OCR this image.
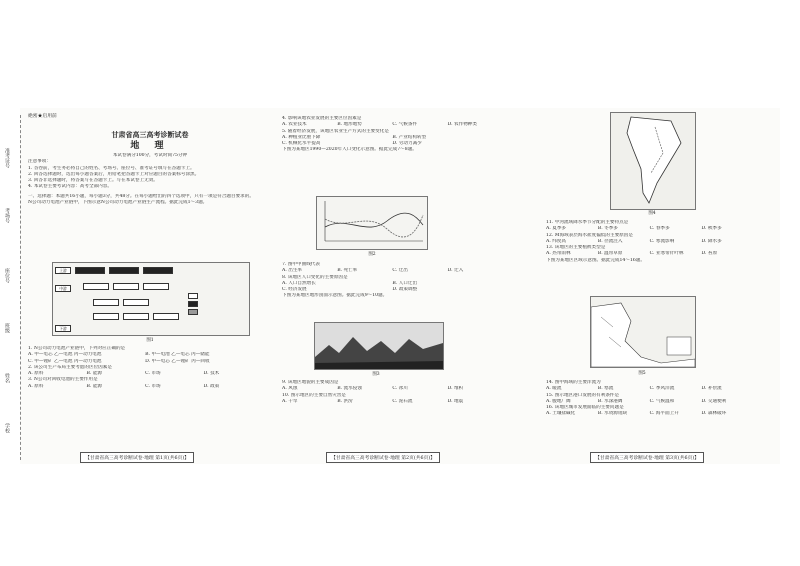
准考证号
考场号
座位号
班级
姓名
学校
絶密★启用前

甘肃省高三高考诊断试卷

地 理

本试卷满分100分，考试时间75分钟

注意事项：

1. 答卷前，考生务必将自己的姓名、考场号、座位号、准考证号填写在答题卡上。

2. 回答选择题时，选出每小题答案后，用铅笔把答题卡上对应题目的答案标号涂黑。

3. 回答非选择题时，将答案写在答题卡上。写在本试卷上无效。

4. 本试卷主要考试内容：高考全部内容。

一、选择题：本题共16小题，每小题3分，共48分。在每小题给出的四个选项中，只有一项是符合题目要求的。

N公司动力电池产业链中，下图示意N公司动力电池产业链生产流程。据此完成1～3题。

上游

中游

下游
图1

1. N公司动力电池产业链中，下列对应正确的是

A. 甲—电芯 乙—电池 丙—动力电池	B. 甲—电池 乙—电芯 丙—储能

C. 甲—锂矿 乙—电池 丙—动力电池	D. 甲—电芯 乙—锂矿 丙—回收

2. 该公司生产布局主要考虑的区位因素是

A. 原料	B. 能源	C. 市场	D. 技术

3. N公司对回收电池的主要作用是

A. 原料	B. 能源	C. 市场	D. 政策

【甘肃省高三高考诊断试卷·地理 第1页(共6页)】

4. 影响该地农业发展的主要区位因素是

A. 农业技术	B. 地形地势	C. 气候条件	D. 农作物种类

5. 随着经济发展，该地区农业生产方式的主要变化是

A. 种植业比重下降	B. 产业结构转型

C. 机械化水平提高	D. 劳动力减少

下图为某地区1990—2020年人口变化示意图。据此完成7～8题。

图2

7. 图中甲曲线代表

A. 出生率	B. 死亡率	C. 迁出	D. 迁入

8. 该地区人口变化的主要原因是

A. 人口自然增长	B. 人口迁出

C. 经济发展	D. 政策调整

下图为某地区地形剖面示意图。据此完成9～10题。

图3

9. 该地区地貌的主要成因是

A. 风蚀	B. 流水侵蚀	C. 冰川	D. 堆积

10. 图示地区的主要自然灾害是

A. 干旱	B. 洪涝	C. 泥石流	D. 地震

【甘肃省高三高考诊断试卷·地理 第2页(共6页)】
图4

11. 甲河流域降水季节分配的主要特点是

A. 夏季多	B. 冬季多	C. 春季多	D. 秋季多

12. M海域表层海水盐度偏低的主要原因是

A. 纬度高	B. 径流注入	C. 寒流影响	D. 降水多

13. 该地区的主要植被类型是

A. 热带雨林	B. 温带草原	C. 亚寒带针叶林	D. 苔原

下图为某地区区域示意图。据此完成14～16题。

图5

14. 图中海域的主要洋流为

A. 暖流	B. 寒流	C. 季风洋流	D. 补偿流

15. 图示地区港口发展的有利条件是

A. 腹地广阔	B. 水深港阔	C. 气候温和	D. 交通便利

16. 该地区城市发展面临的主要问题是

A. 土壤盐碱化	B. 水资源短缺	C. 海平面上升	D. 森林破坏

【甘肃省高三高考诊断试卷·地理 第3页(共6页)】
